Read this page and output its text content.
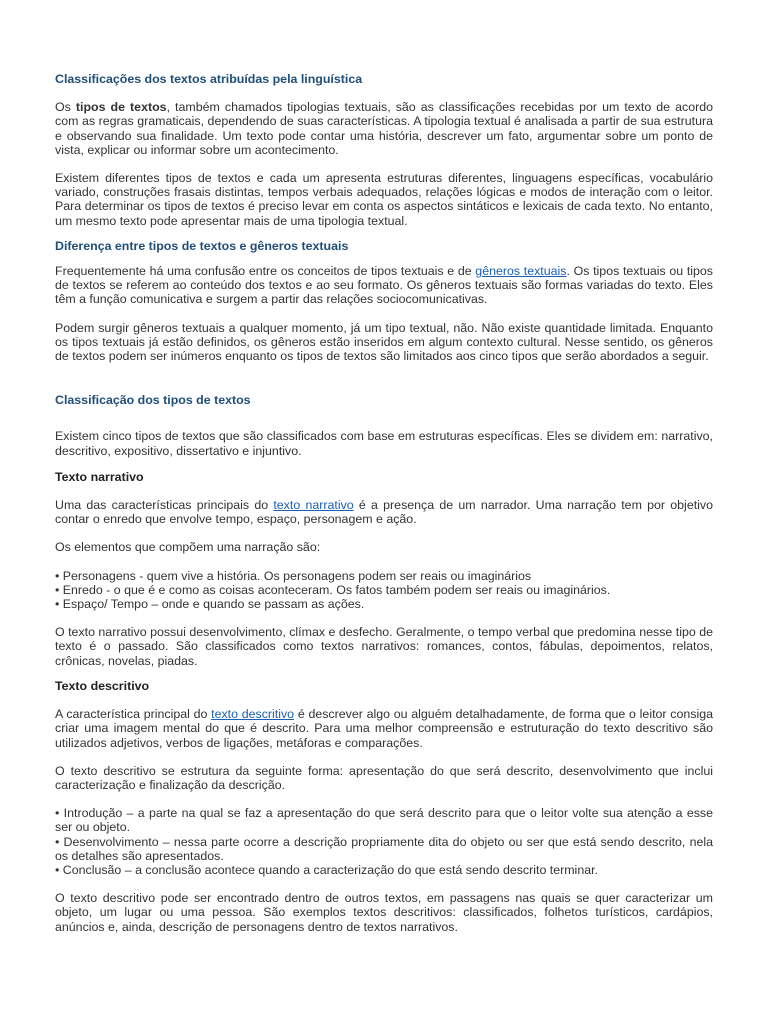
Classificações dos textos atribuídas pela linguística

Os tipos de textos, também chamados tipologias textuais, são as classificações recebidas por um texto de acordo com as regras gramaticais, dependendo de suas características. A tipologia textual é analisada a partir de sua estrutura e observando sua finalidade. Um texto pode contar uma história, descrever um fato, argumentar sobre um ponto de vista, explicar ou informar sobre um acontecimento.

Existem diferentes tipos de textos e cada um apresenta estruturas diferentes, linguagens específicas, vocabulário variado, construções frasais distintas, tempos verbais adequados, relações lógicas e modos de interação com o leitor. Para determinar os tipos de textos é preciso levar em conta os aspectos sintáticos e lexicais de cada texto. No entanto, um mesmo texto pode apresentar mais de uma tipologia textual.

Diferença entre tipos de textos e gêneros textuais

Frequentemente há uma confusão entre os conceitos de tipos textuais e de gêneros textuais. Os tipos textuais ou tipos de textos se referem ao conteúdo dos textos e ao seu formato. Os gêneros textuais são formas variadas do texto. Eles têm a função comunicativa e surgem a partir das relações sociocomunicativas.

Podem surgir gêneros textuais a qualquer momento, já um tipo textual, não. Não existe quantidade limitada. Enquanto os tipos textuais já estão definidos, os gêneros estão inseridos em algum contexto cultural. Nesse sentido, os gêneros de textos podem ser inúmeros enquanto os tipos de textos são limitados aos cinco tipos que serão abordados a seguir.

Classificação dos tipos de textos

Existem cinco tipos de textos que são classificados com base em estruturas específicas. Eles se dividem em: narrativo, descritivo, expositivo, dissertativo e injuntivo.

Texto narrativo

Uma das características principais do texto narrativo é a presença de um narrador. Uma narração tem por objetivo contar o enredo que envolve tempo, espaço, personagem e ação.

Os elementos que compõem uma narração são:

• Personagens - quem vive a história. Os personagens podem ser reais ou imaginários
• Enredo - o que é e como as coisas aconteceram. Os fatos também podem ser reais ou imaginários.
• Espaço/ Tempo – onde e quando se passam as ações.

O texto narrativo possui desenvolvimento, clímax e desfecho. Geralmente, o tempo verbal que predomina nesse tipo de texto é o passado. São classificados como textos narrativos: romances, contos, fábulas, depoimentos, relatos, crônicas, novelas, piadas.

Texto descritivo

A característica principal do texto descritivo é descrever algo ou alguém detalhadamente, de forma que o leitor consiga criar uma imagem mental do que é descrito. Para uma melhor compreensão e estruturação do texto descritivo são utilizados adjetivos, verbos de ligações, metáforas e comparações.

O texto descritivo se estrutura da seguinte forma: apresentação do que será descrito, desenvolvimento que inclui caracterização e finalização da descrição.

• Introdução – a parte na qual se faz a apresentação do que será descrito para que o leitor volte sua atenção a esse ser ou objeto.
• Desenvolvimento – nessa parte ocorre a descrição propriamente dita do objeto ou ser que está sendo descrito, nela os detalhes são apresentados.
• Conclusão – a conclusão acontece quando a caracterização do que está sendo descrito terminar.

O texto descritivo pode ser encontrado dentro de outros textos, em passagens nas quais se quer caracterizar um objeto, um lugar ou uma pessoa. São exemplos textos descritivos: classificados, folhetos turísticos, cardápios, anúncios e, ainda, descrição de personagens dentro de textos narrativos.
